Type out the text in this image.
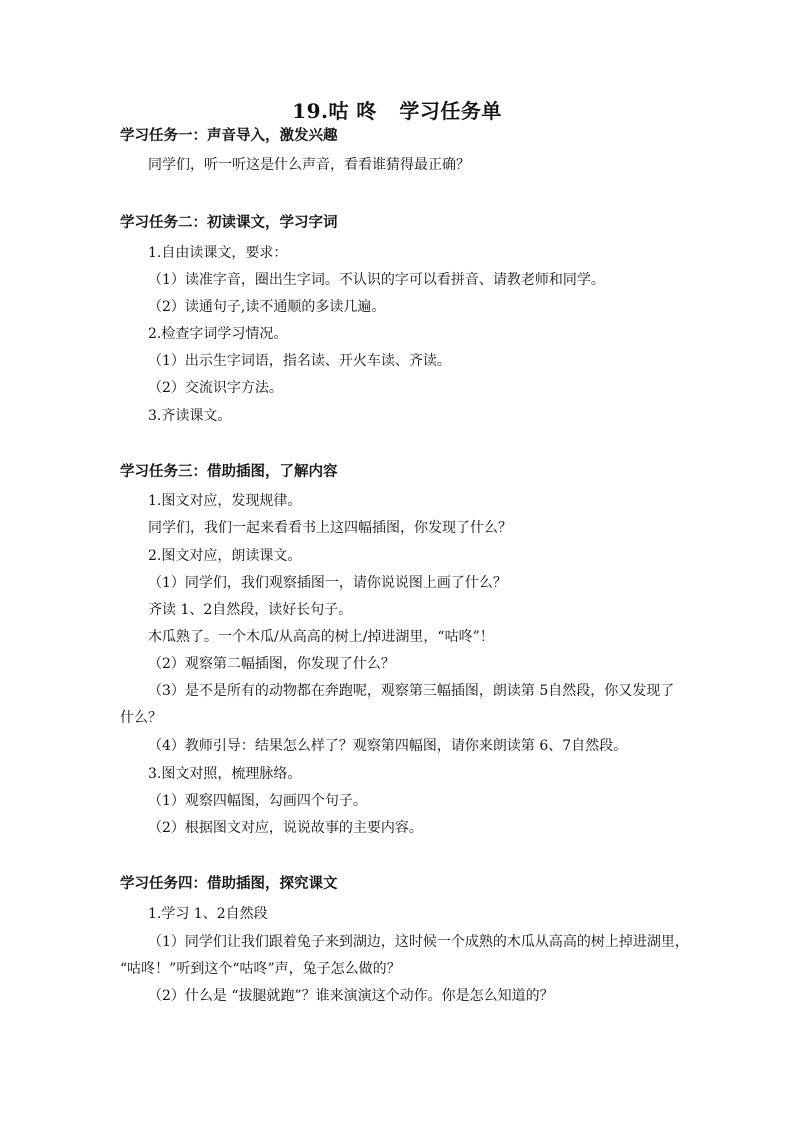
19.咕 咚   学习任务单
学习任务一：声音导入，激发兴趣
同学们，听一听这是什么声音，看看谁猜得最正确？
学习任务二：初读课文，学习字词
1.自由读课文，要求：
（1）读准字音，圈出生字词。不认识的字可以看拼音、请教老师和同学。
（2）读通句子,读不通顺的多读几遍。
2.检查字词学习情况。
（1）出示生字词语，指名读、开火车读、齐读。
（2）交流识字方法。
3.齐读课文。
学习任务三：借助插图，了解内容
1.图文对应，发现规律。
同学们，我们一起来看看书上这四幅插图，你发现了什么？
2.图文对应，朗读课文。
（1）同学们，我们观察插图一，请你说说图上画了什么？
齐读 1、2自然段，读好长句子。
木瓜熟了。一个木瓜/从高高的树上/掉进湖里，“咕咚”！
（2）观察第二幅插图，你发现了什么？
（3）是不是所有的动物都在奔跑呢，观察第三幅插图，朗读第 5自然段，你又发现了
什么？
（4）教师引导：结果怎么样了？观察第四幅图，请你来朗读第 6、7自然段。
3.图文对照，梳理脉络。
（1）观察四幅图，勾画四个句子。
（2）根据图文对应，说说故事的主要内容。
学习任务四：借助插图，探究课文
1.学习 1、2自然段
（1）同学们让我们跟着兔子来到湖边，这时候一个成熟的木瓜从高高的树上掉进湖里，
“咕咚！”听到这个“咕咚”声，兔子怎么做的？
（2）什么是 “拔腿就跑”？谁来演演这个动作。你是怎么知道的？
